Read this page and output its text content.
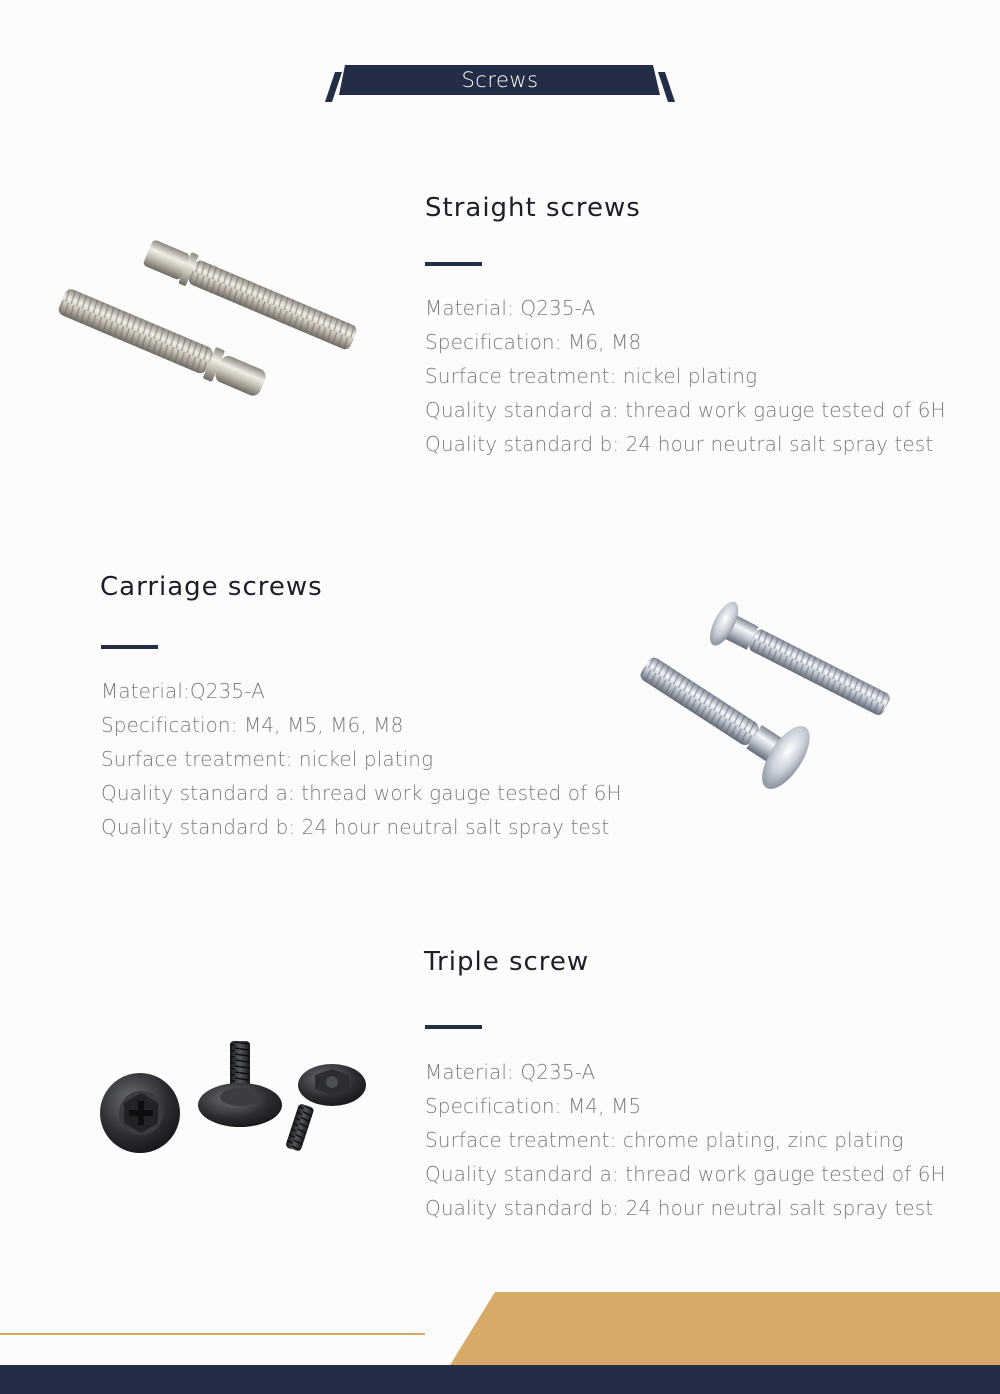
Screws
Straight screws
Material: Q235-A
Specification: M6, M8
Surface treatment: nickel plating
Quality standard a: thread work gauge tested of 6H
Quality standard b: 24 hour neutral salt spray test
Carriage screws
Material:Q235-A
Specification: M4, M5, M6, M8
Surface treatment: nickel plating
Quality standard a: thread work gauge tested of 6H
Quality standard b: 24 hour neutral salt spray test
Triple screw
Material: Q235-A
Specification: M4, M5
Surface treatment: chrome plating, zinc plating
Quality standard a: thread work gauge tested of 6H
Quality standard b: 24 hour neutral salt spray test
